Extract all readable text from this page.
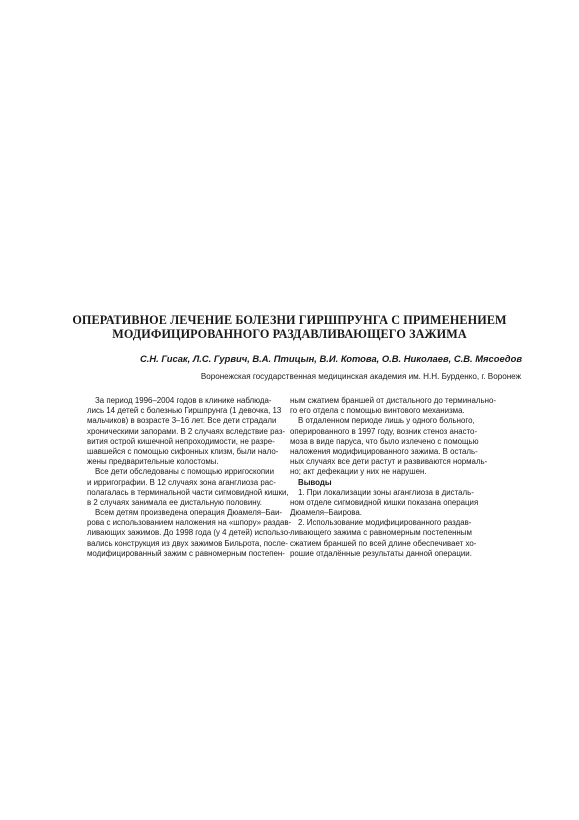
ОПЕРАТИВНОЕ ЛЕЧЕНИЕ БОЛЕЗНИ ГИРШПРУНГА С ПРИМЕНЕНИЕМ
МОДИФИЦИРОВАННОГО РАЗДАВЛИВАЮЩЕГО ЗАЖИМА

С.Н. Гисак, Л.С. Гурвич, В.А. Птицын, В.И. Котова, О.В. Николаев, С.В. Мясоедов

Воронежская государственная медицинская академия им. Н.Н. Бурденко, г. Воронеж

За период 1996–2004 годов в клинике наблюда-
лись 14 детей с болезнью Гиршпрунга (1 девочка, 13
мальчиков) в возрасте 3–16 лет. Все дети страдали
хроническими запорами. В 2 случаях вследствие раз-
вития острой кишечной непроходимости, не разре-
шавшейся с помощью сифонных клизм, были нало-
жены предварительные колостомы.
Все дети обследованы с помощью ирригоскопии
и ирригографии. В 12 случаях зона аганглиоза рас-
полагалась в терминальной части сигмовидной кишки,
в 2 случаях занимала ее дистальную половину.
Всем детям произведена операция Дюамеля–Баи-
рова с использованием наложения на «шпору» раздав-
ливающих зажимов. До 1998 года (у 4 детей) использо-
вались конструкция из двух зажимов Бильрота, после-
модифицированный зажим с равномерным постепен-
ным сжатием браншей от дистального до терминально-
го его отдела с помощью винтового механизма.
В отдаленном периоде лишь у одного больного,
оперированного в 1997 году, возник стеноз анасто-
моза в виде паруса, что было излечено с помощью
наложения модифицированного зажима. В осталь-
ных случаях все дети растут и развиваются нормаль-
но; акт дефекации у них не нарушен.
Выводы
1. При локализации зоны аганглиоза в дисталь-
ном отделе сигмовидной кишки показана операция
Дюамеля–Баирова.
2. Использование модифицированного раздав-
ливающего зажима с равномерным постепенным
сжатием браншей по всей длине обеспечивает хо-
рошие отдалённые результаты данной операции.
